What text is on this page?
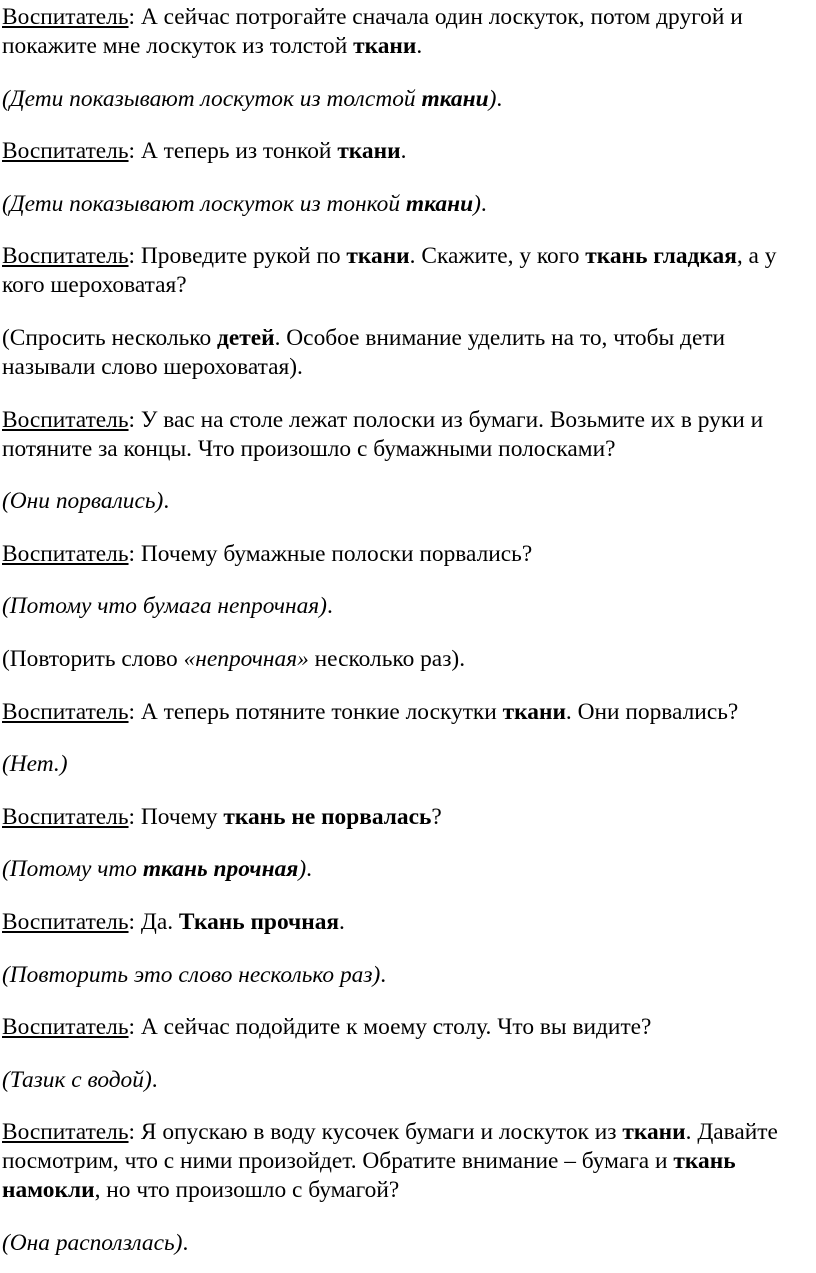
Воспитатель: А сейчас потрогайте сначала один лоскуток, потом другой и покажите мне лоскуток из толстой ткани.

(Дети показывают лоскуток из толстой ткани).

Воспитатель: А теперь из тонкой ткани.

(Дети показывают лоскуток из тонкой ткани).

Воспитатель: Проведите рукой по ткани. Скажите, у кого ткань гладкая, а у кого шероховатая?

(Спросить несколько детей. Особое внимание уделить на то, чтобы дети называли слово шероховатая).

Воспитатель: У вас на столе лежат полоски из бумаги. Возьмите их в руки и потяните за концы. Что произошло с бумажными полосками?

(Они порвались).

Воспитатель: Почему бумажные полоски порвались?

(Потому что бумага непрочная).

(Повторить слово «непрочная» несколько раз).

Воспитатель: А теперь потяните тонкие лоскутки ткани. Они порвались?

(Нет.)

Воспитатель: Почему ткань не порвалась?

(Потому что ткань прочная).

Воспитатель: Да. Ткань прочная.

(Повторить это слово несколько раз).

Воспитатель: А сейчас подойдите к моему столу. Что вы видите?

(Тазик с водой).

Воспитатель: Я опускаю в воду кусочек бумаги и лоскуток из ткани. Давайте посмотрим, что с ними произойдет. Обратите внимание – бумага и ткань намокли, но что произошло с бумагой?

(Она расползлась).
